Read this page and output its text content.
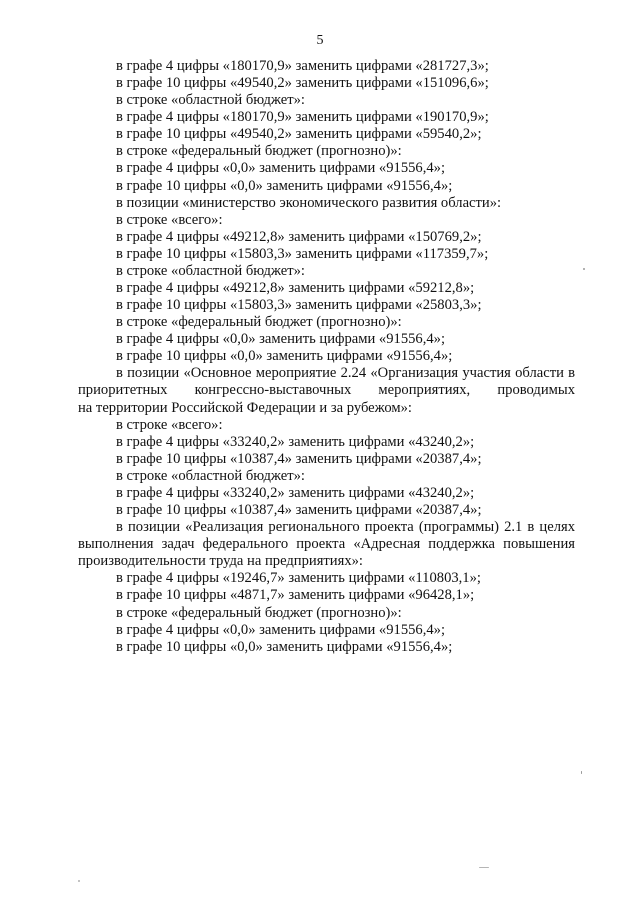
5
в графе 4 цифры «180170,9» заменить цифрами «281727,3»;
в графе 10 цифры «49540,2» заменить цифрами «151096,6»;
в строке «областной бюджет»:
в графе 4 цифры «180170,9» заменить цифрами «190170,9»;
в графе 10 цифры «49540,2» заменить цифрами «59540,2»;
в строке «федеральный бюджет (прогнозно)»:
в графе 4 цифры «0,0» заменить цифрами «91556,4»;
в графе 10 цифры «0,0» заменить цифрами «91556,4»;
в позиции «министерство экономического развития области»:
в строке «всего»:
в графе 4 цифры «49212,8» заменить цифрами «150769,2»;
в графе 10 цифры «15803,3» заменить цифрами «117359,7»;
в строке «областной бюджет»:
в графе 4 цифры «49212,8» заменить цифрами «59212,8»;
в графе 10 цифры «15803,3» заменить цифрами «25803,3»;
в строке «федеральный бюджет (прогнозно)»:
в графе 4 цифры «0,0» заменить цифрами «91556,4»;
в графе 10 цифры «0,0» заменить цифрами «91556,4»;
в позиции «Основное мероприятие 2.24 «Организация участия области в приоритетных конгрессно-выставочных мероприятиях, проводимых
на территории Российской Федерации и за рубежом»:
в строке «всего»:
в графе 4 цифры «33240,2» заменить цифрами «43240,2»;
в графе 10 цифры «10387,4» заменить цифрами «20387,4»;
в строке «областной бюджет»:
в графе 4 цифры «33240,2» заменить цифрами «43240,2»;
в графе 10 цифры «10387,4» заменить цифрами «20387,4»;
в позиции «Реализация регионального проекта (программы) 2.1 в целях
выполнения задач федерального проекта «Адресная поддержка повышения
производительности труда на предприятиях»:
в графе 4 цифры «19246,7» заменить цифрами «110803,1»;
в графе 10 цифры «4871,7» заменить цифрами «96428,1»;
в строке «федеральный бюджет (прогнозно)»:
в графе 4 цифры «0,0» заменить цифрами «91556,4»;
в графе 10 цифры «0,0» заменить цифрами «91556,4»;
